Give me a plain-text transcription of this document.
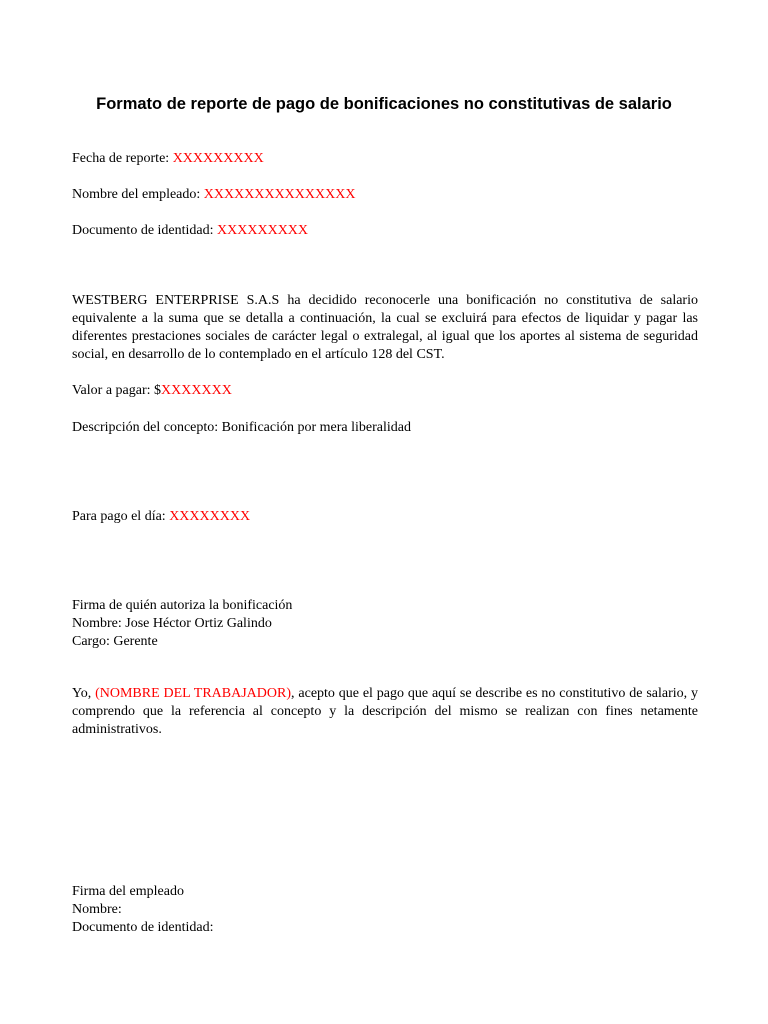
Formato de reporte de pago de bonificaciones no constitutivas de salario
Fecha de reporte: XXXXXXXXX
Nombre del empleado: XXXXXXXXXXXXXXX
Documento de identidad: XXXXXXXXX
WESTBERG ENTERPRISE S.A.S ha decidido reconocerle una bonificación no constitutiva de salario equivalente a la suma que se detalla a continuación, la cual se excluirá para efectos de liquidar y pagar las diferentes prestaciones sociales de carácter legal o extralegal, al igual que los aportes al sistema de seguridad social, en desarrollo de lo contemplado en el artículo 128 del CST.
Valor a pagar: $XXXXXXX
Descripción del concepto: Bonificación por mera liberalidad
Para pago el día: XXXXXXXX
Firma de quién autoriza la bonificación
Nombre: Jose Héctor Ortiz Galindo
Cargo: Gerente
Yo, (NOMBRE DEL TRABAJADOR), acepto que el pago que aquí se describe es no constitutivo de salario, y comprendo que la referencia al concepto y la descripción del mismo se realizan con fines netamente administrativos.
Firma del empleado
Nombre:
Documento de identidad:
